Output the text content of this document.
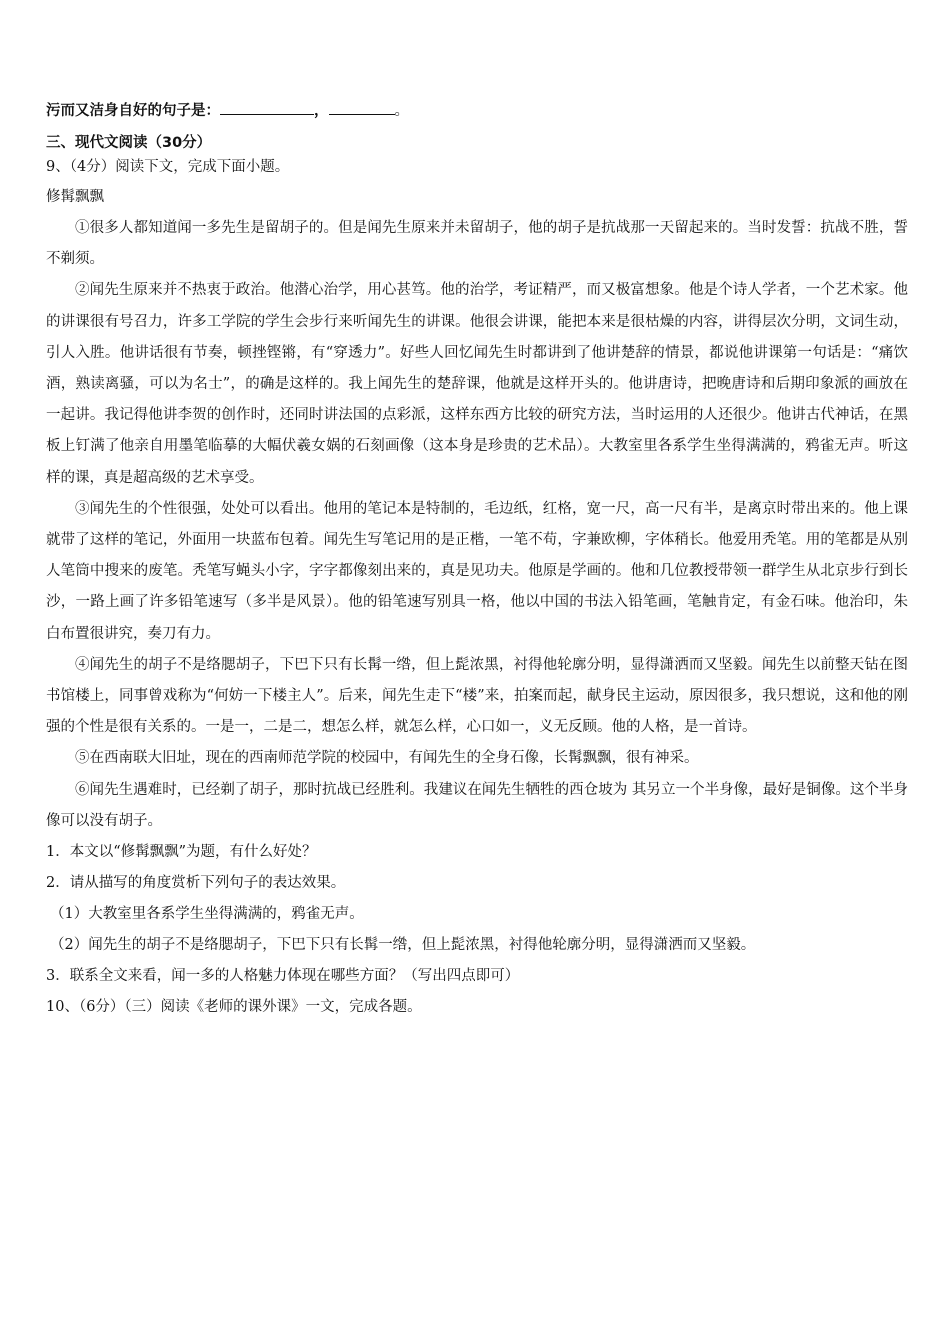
污而又洁身自好的句子是：	，	。
三、现代文阅读（30分）
9、（4分）阅读下文，完成下面小题。
修髯飘飘

①很多人都知道闻一多先生是留胡子的。但是闻先生原来并未留胡子，他的胡子是抗战那一天留起来的。当时发誓：抗战不胜，誓不剃须。

②闻先生原来并不热衷于政治。他潜心治学，用心甚笃。他的治学，考证精严，而又极富想象。他是个诗人学者，一个艺术家。他的讲课很有号召力，许多工学院的学生会步行来听闻先生的讲课。他很会讲课，能把本来是很枯燥的内容，讲得层次分明，文词生动，引人入胜。他讲话很有节奏，顿挫铿锵，有“穿透力”。好些人回忆闻先生时都讲到了他讲楚辞的情景，都说他讲课第一句话是：“痛饮酒，熟读离骚，可以为名士”，的确是这样的。我上闻先生的楚辞课，他就是这样开头的。他讲唐诗，把晚唐诗和后期印象派的画放在一起讲。我记得他讲李贺的创作时，还同时讲法国的点彩派，这样东西方比较的研究方法，当时运用的人还很少。他讲古代神话，在黑板上钉满了他亲自用墨笔临摹的大幅伏羲女娲的石刻画像（这本身是珍贵的艺术品）。大教室里各系学生坐得满满的，鸦雀无声。听这样的课，真是超高级的艺术享受。

③闻先生的个性很强，处处可以看出。他用的笔记本是特制的，毛边纸，红格，宽一尺，高一尺有半，是离京时带出来的。他上课就带了这样的笔记，外面用一块蓝布包着。闻先生写笔记用的是正楷，一笔不苟，字兼欧柳，字体稍长。他爱用秃笔。用的笔都是从别人笔筒中搜来的废笔。秃笔写蝇头小字，字字都像刻出来的，真是见功夫。他原是学画的。他和几位教授带领一群学生从北京步行到长沙，一路上画了许多铅笔速写（多半是风景）。他的铅笔速写别具一格，他以中国的书法入铅笔画，笔触肯定，有金石味。他治印，朱白布置很讲究，奏刀有力。

④闻先生的胡子不是络腮胡子，下巴下只有长髯一绺，但上髭浓黑，衬得他轮廓分明，显得潇洒而又坚毅。闻先生以前整天钻在图书馆楼上，同事曾戏称为“何妨一下楼主人”。后来，闻先生走下“楼”来，拍案而起，献身民主运动，原因很多，我只想说，这和他的刚强的个性是很有关系的。一是一，二是二，想怎么样，就怎么样，心口如一，义无反顾。他的人格，是一首诗。

⑤在西南联大旧址，现在的西南师范学院的校园中，有闻先生的全身石像，长髯飘飘，很有神采。

⑥闻先生遇难时，已经剃了胡子，那时抗战已经胜利。我建议在闻先生牺牲的西仓坡为 其另立一个半身像，最好是铜像。这个半身像可以没有胡子。

1．本文以“修髯飘飘”为题，有什么好处？

2．请从描写的角度赏析下列句子的表达效果。

（1）大教室里各系学生坐得满满的，鸦雀无声。

（2）闻先生的胡子不是络腮胡子，下巴下只有长髯一绺，但上髭浓黑，衬得他轮廓分明，显得潇洒而又坚毅。

3．联系全文来看，闻一多的人格魅力体现在哪些方面？（写出四点即可）

10、（6分）（三）阅读《老师的课外课》一文，完成各题。
